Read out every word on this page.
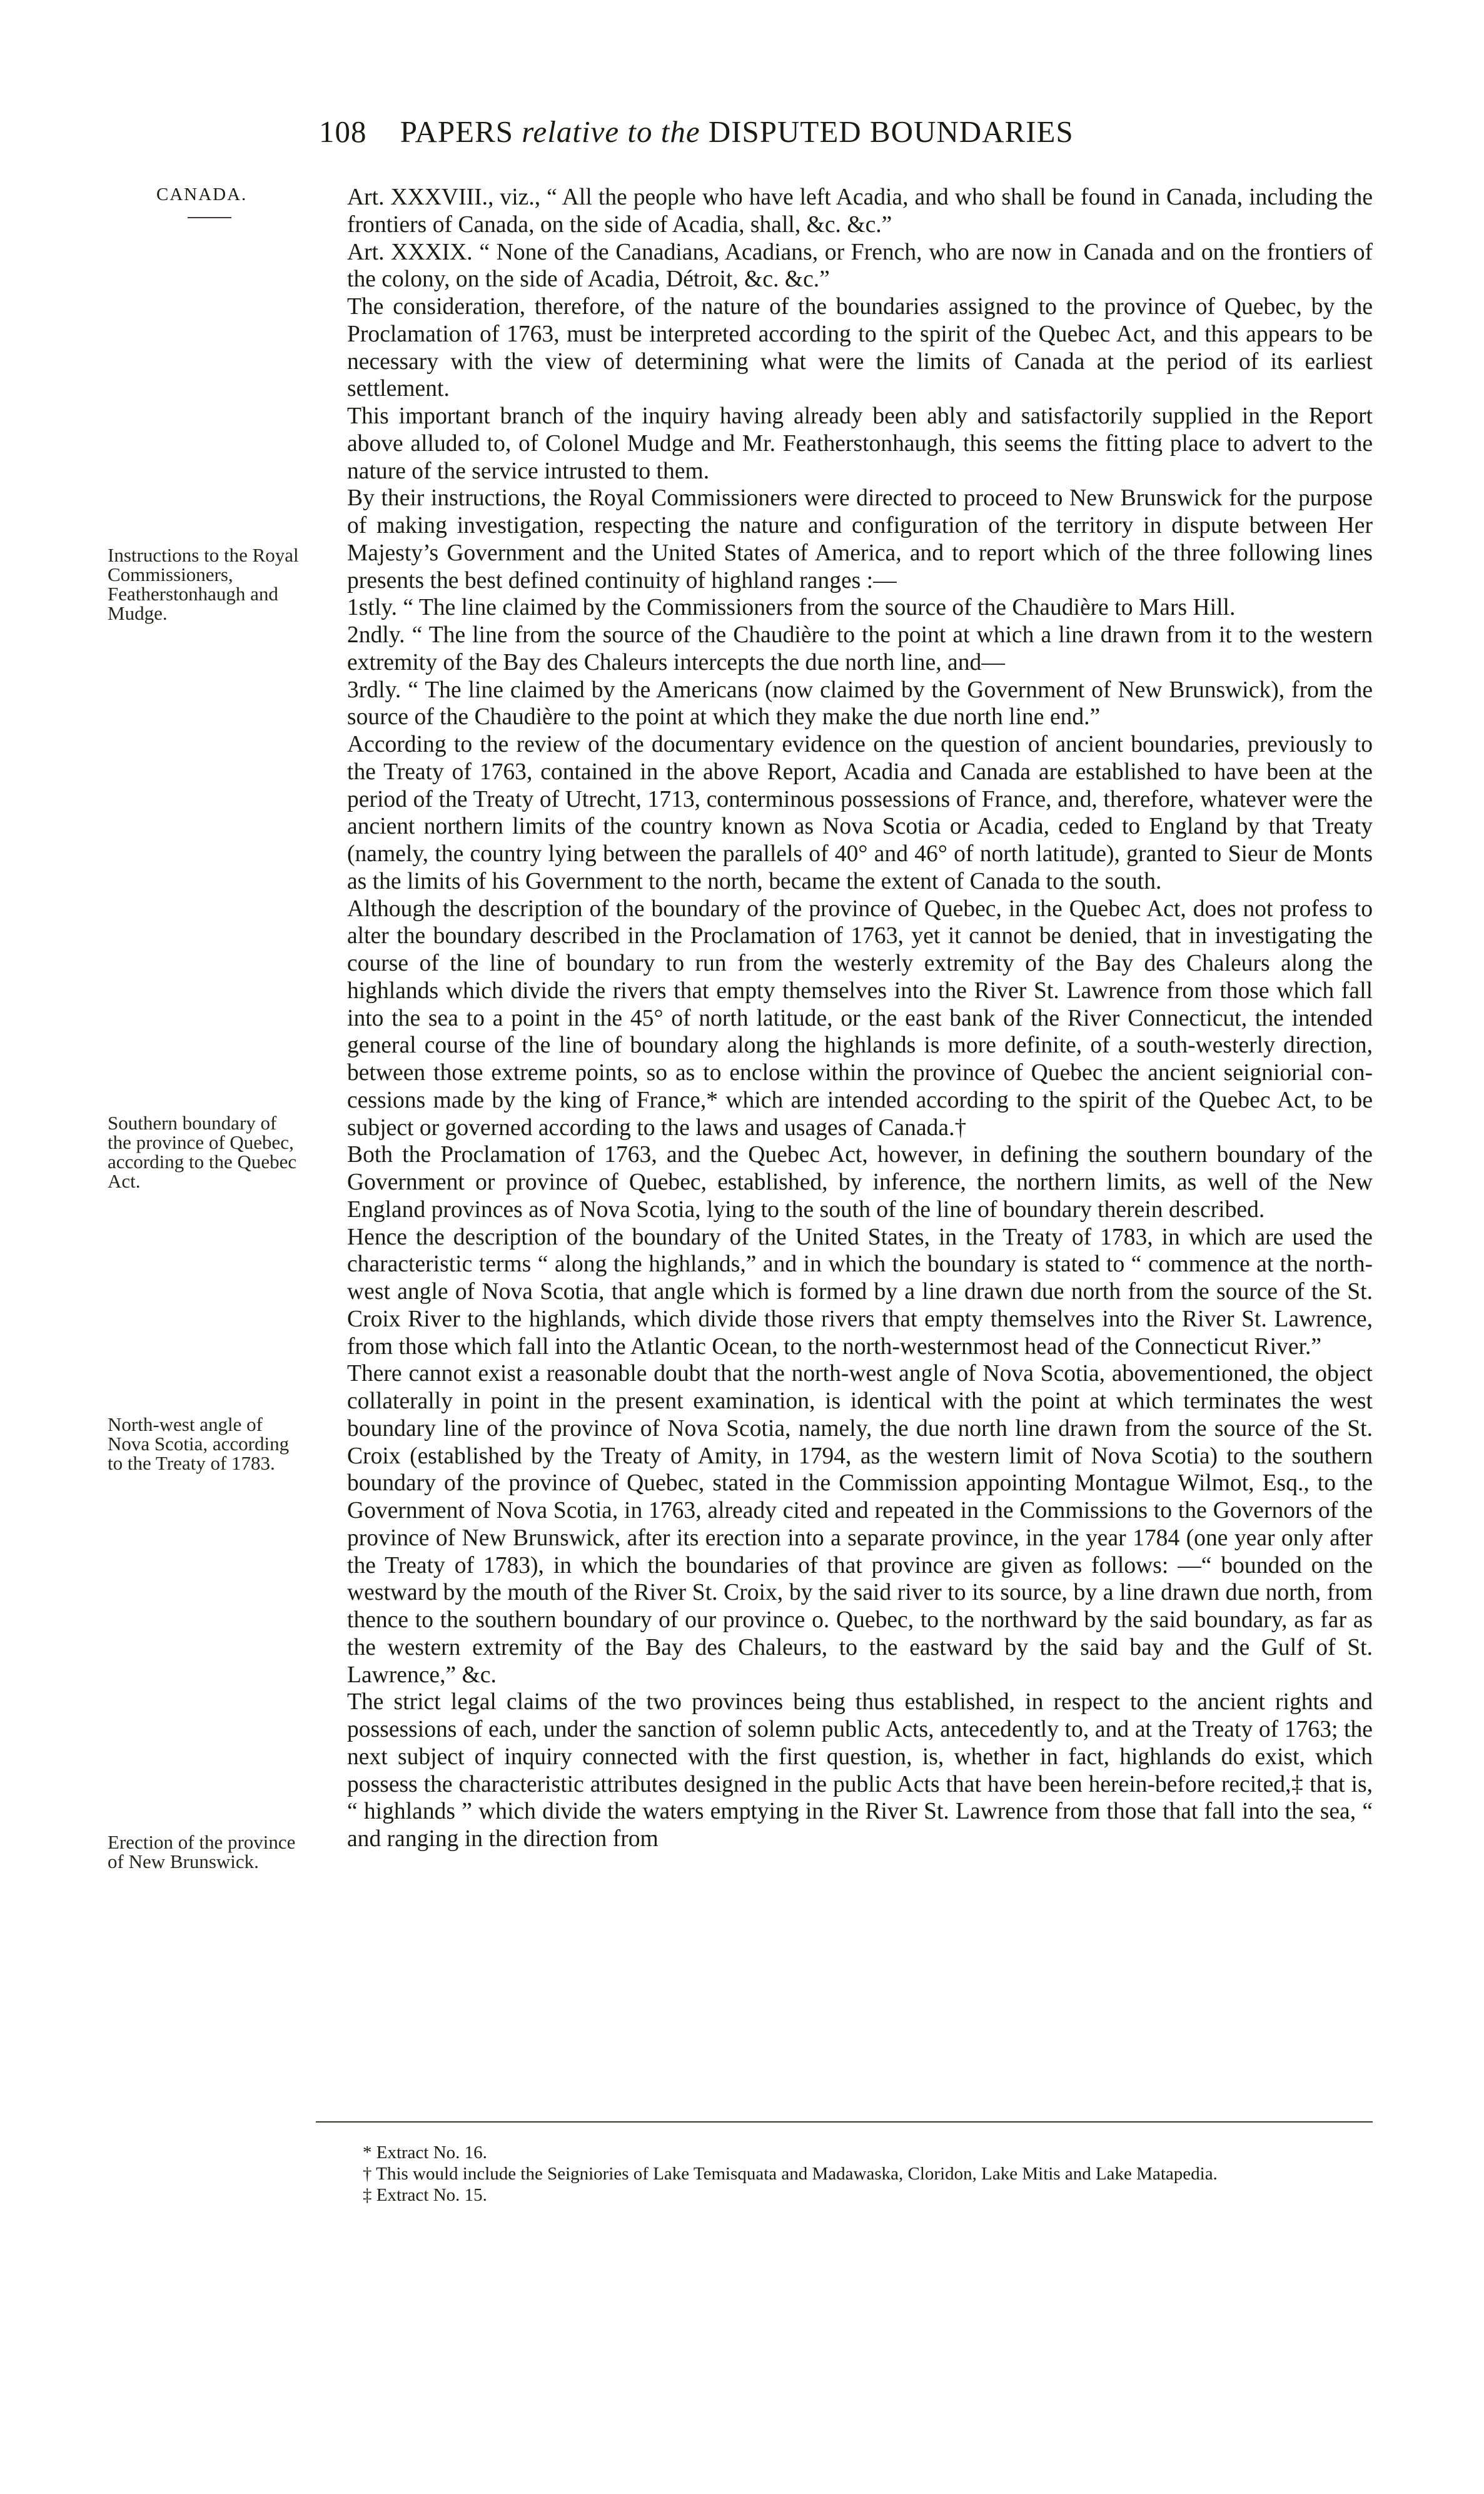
108 PAPERS relative to the DISPUTED BOUNDARIES
CANADA.
Instructions to the Royal Commissioners, Featherstonhaugh and Mudge.
Southern boundary of the province of Quebec, according to the Quebec Act.
North-west angle of Nova Scotia, according to the Treaty of 1783.
Erection of the province of New Brunswick.

Art. XXXVIII., viz., “ All the people who have left Acadia, and who shall be found in Canada, including the frontiers of Canada, on the side of Acadia, shall, &c. &c.”

Art. XXXIX. “ None of the Canadians, Acadians, or French, who are now in Canada and on the frontiers of the colony, on the side of Acadia, Détroit, &c. &c.”

The consideration, therefore, of the nature of the boundaries assigned to the province of Quebec, by the Proclamation of 1763, must be interpreted according to the spirit of the Quebec Act, and this appears to be necessary with the view of determining what were the limits of Canada at the period of its earliest settlement.

This important branch of the inquiry having already been ably and satisfactorily supplied in the Report above alluded to, of Colonel Mudge and Mr. Featherstonhaugh, this seems the fitting place to advert to the nature of the service intrusted to them.

By their instructions, the Royal Commissioners were directed to proceed to New Brunswick for the purpose of making investigation, respecting the nature and configuration of the territory in dispute between Her Majesty’s Government and the United States of America, and to report which of the three following lines presents the best defined continuity of highland ranges :—

1stly. “ The line claimed by the Commissioners from the source of the Chaudière to Mars Hill.

2ndly. “ The line from the source of the Chaudière to the point at which a line drawn from it to the western extremity of the Bay des Chaleurs intercepts the due north line, and—

3rdly. “ The line claimed by the Americans (now claimed by the Government of New Brunswick), from the source of the Chaudière to the point at which they make the due north line end.”

According to the review of the documentary evidence on the question of ancient boundaries, previously to the Treaty of 1763, contained in the above Report, Acadia and Canada are established to have been at the period of the Treaty of Utrecht, 1713, conterminous possessions of France, and, therefore, whatever were the ancient northern limits of the country known as Nova Scotia or Acadia, ceded to England by that Treaty (namely, the country lying between the parallels of 40° and 46° of north latitude), granted to Sieur de Monts as the limits of his Government to the north, became the extent of Canada to the south.

Although the description of the boundary of the province of Quebec, in the Quebec Act, does not profess to alter the boundary described in the Proclamation of 1763, yet it cannot be denied, that in investigating the course of the line of boundary to run from the westerly extremity of the Bay des Chaleurs along the highlands which divide the rivers that empty themselves into the River St. Lawrence from those which fall into the sea to a point in the 45° of north latitude, or the east bank of the River Connecticut, the intended general course of the line of boundary along the highlands is more definite, of a south-westerly direction, between those extreme points, so as to enclose within the province of Quebec the ancient seigniorial concessions made by the king of France,* which are intended according to the spirit of the Quebec Act, to be subject or governed according to the laws and usages of Canada.†

Both the Proclamation of 1763, and the Quebec Act, however, in defining the southern boundary of the Government or province of Quebec, established, by inference, the northern limits, as well of the New England provinces as of Nova Scotia, lying to the south of the line of boundary therein described.

Hence the description of the boundary of the United States, in the Treaty of 1783, in which are used the characteristic terms “ along the highlands,” and in which the boundary is stated to “ commence at the north-west angle of Nova Scotia, that angle which is formed by a line drawn due north from the source of the St. Croix River to the highlands, which divide those rivers that empty themselves into the River St. Lawrence, from those which fall into the Atlantic Ocean, to the north-westernmost head of the Connecticut River.”

There cannot exist a reasonable doubt that the north-west angle of Nova Scotia, abovementioned, the object collaterally in point in the present examination, is identical with the point at which terminates the west boundary line of the province of Nova Scotia, namely, the due north line drawn from the source of the St. Croix (established by the Treaty of Amity, in 1794, as the western limit of Nova Scotia) to the southern boundary of the province of Quebec, stated in the Commission appointing Montague Wilmot, Esq., to the Government of Nova Scotia, in 1763, already cited and repeated in the Commissions to the Governors of the province of New Brunswick, after its erection into a separate province, in the year 1784 (one year only after the Treaty of 1783), in which the boundaries of that province are given as follows: —“ bounded on the westward by the mouth of the River St. Croix, by the said river to its source, by a line drawn due north, from thence to the southern boundary of our province o. Quebec, to the northward by the said boundary, as far as the western extremity of the Bay des Chaleurs, to the eastward by the said bay and the Gulf of St. Lawrence,” &c.

The strict legal claims of the two provinces being thus established, in respect to the ancient rights and possessions of each, under the sanction of solemn public Acts, antecedently to, and at the Treaty of 1763; the next subject of inquiry connected with the first question, is, whether in fact, highlands do exist, which possess the characteristic attributes designed in the public Acts that have been herein-before recited,‡ that is, “ highlands ” which divide the waters emptying in the River St. Lawrence from those that fall into the sea, “ and ranging in the direction from

* Extract No. 16.
† This would include the Seigniories of Lake Temisquata and Madawaska, Cloridon, Lake Mitis and Lake Matapedia.
‡ Extract No. 15.
